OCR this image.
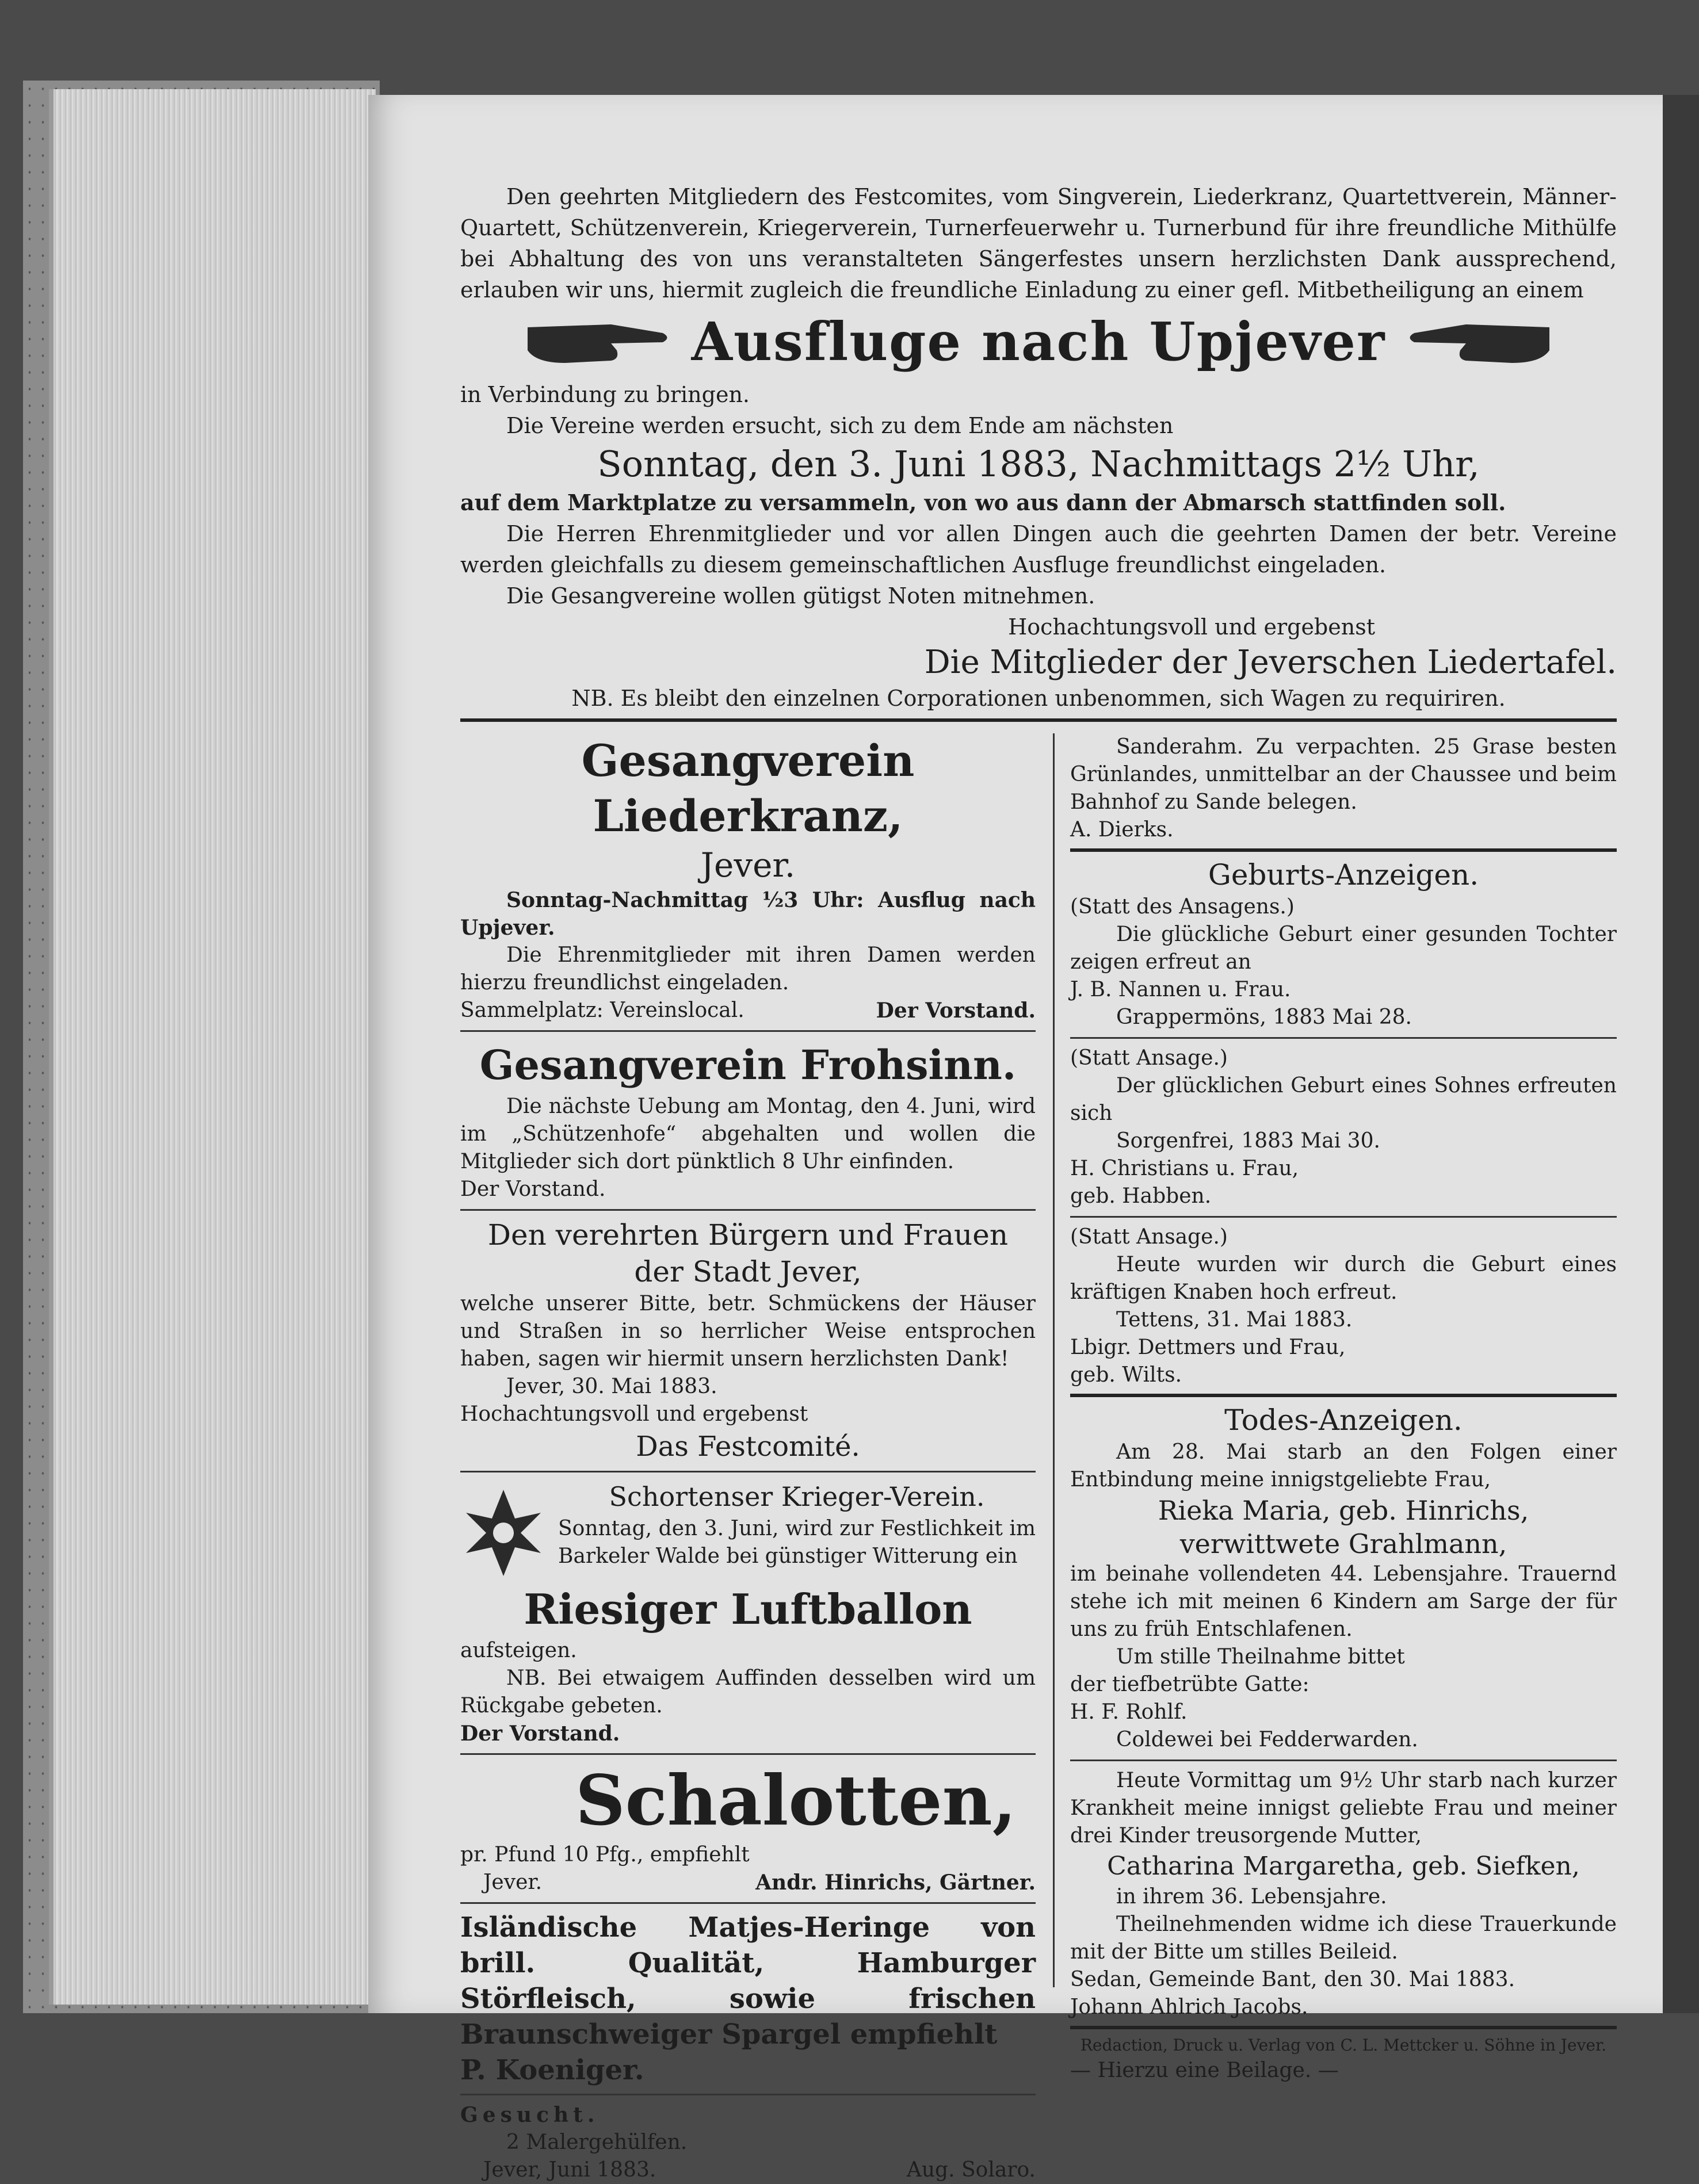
Den geehrten Mitgliedern des Festcomites, vom Singverein, Liederkranz, Quartettverein, Männer-Quartett, Schützenverein, Kriegerverein, Turnerfeuerwehr u. Turnerbund für ihre freundliche Mithülfe bei Abhaltung des von uns veranstalteten Sängerfestes unsern herzlichsten Dank aussprechend, erlauben wir uns, hiermit zugleich die freundliche Einladung zu einer gefl. Mitbetheiligung an einem

Ausfluge nach Upjever

in Verbindung zu bringen.

Die Vereine werden ersucht, sich zu dem Ende am nächsten

Sonntag, den 3. Juni 1883, Nachmittags 2½ Uhr,

auf dem Marktplatze zu versammeln, von wo aus dann der Abmarsch stattfinden soll.

Die Herren Ehrenmitglieder und vor allen Dingen auch die geehrten Damen der betr. Vereine werden gleichfalls zu diesem gemeinschaftlichen Ausfluge freundlichst eingeladen.

Die Gesangvereine wollen gütigst Noten mitnehmen.

Hochachtungsvoll und ergebenst

Die Mitglieder der Jeverschen Liedertafel.

NB. Es bleibt den einzelnen Corporationen unbenommen, sich Wagen zu requiriren.

Gesangverein Liederkranz,

Jever.

Sonntag-Nachmittag ½3 Uhr: Ausflug nach Upjever.

Die Ehrenmitglieder mit ihren Damen werden hierzu freundlichst eingeladen.

Sammelplatz: Vereinslocal.	Der Vorstand.

Gesangverein Frohsinn.

Die nächste Uebung am Montag, den 4. Juni, wird im „Schützenhofe“ abgehalten und wollen die Mitglieder sich dort pünktlich 8 Uhr einfinden.

Der Vorstand.

Den verehrten Bürgern und Frauen

der Stadt Jever,

welche unserer Bitte, betr. Schmückens der Häuser und Straßen in so herrlicher Weise entsprochen haben, sagen wir hiermit unsern herzlichsten Dank!

Jever, 30. Mai 1883.

Hochachtungsvoll und ergebenst

Das Festcomité.

Schortenser Krieger-Verein.

Sonntag, den 3. Juni, wird zur Festlichkeit im Barkeler Walde bei günstiger Witterung ein

Riesiger Luftballon

aufsteigen.

NB. Bei etwaigem Auffinden desselben wird um Rückgabe gebeten.

Der Vorstand.

Schalotten,

pr. Pfund 10 Pfg., empfiehlt

Jever.	Andr. Hinrichs, Gärtner.

Isländische Matjes-Heringe von brill. Qualität, Hamburger Störfleisch, sowie frischen Braunschweiger Spargel empfiehlt

P. Koeniger.

Gesucht.

2 Malergehülfen.

Jever, Juni 1883.	Aug. Solaro.

Sanderahm. Zu verpachten. 25 Grase besten Grünlandes, unmittelbar an der Chaussee und beim Bahnhof zu Sande belegen.

A. Dierks.

Geburts-Anzeigen.

(Statt des Ansagens.)

Die glückliche Geburt einer gesunden Tochter zeigen erfreut an

J. B. Nannen u. Frau.

Grappermöns, 1883 Mai 28.

(Statt Ansage.)

Der glücklichen Geburt eines Sohnes erfreuten sich

Sorgenfrei, 1883 Mai 30.

H. Christians u. Frau,

geb. Habben.

(Statt Ansage.)

Heute wurden wir durch die Geburt eines kräftigen Knaben hoch erfreut.

Tettens, 31. Mai 1883.

Lbigr. Dettmers und Frau,

geb. Wilts.

Todes-Anzeigen.

Am 28. Mai starb an den Folgen einer Entbindung meine innigstgeliebte Frau,

Rieka Maria, geb. Hinrichs,

verwittwete Grahlmann,

im beinahe vollendeten 44. Lebensjahre. Trauernd stehe ich mit meinen 6 Kindern am Sarge der für uns zu früh Entschlafenen.

Um stille Theilnahme bittet

der tiefbetrübte Gatte:

H. F. Rohlf.

Coldewei bei Fedderwarden.

Heute Vormittag um 9½ Uhr starb nach kurzer Krankheit meine innigst geliebte Frau und meiner drei Kinder treusorgende Mutter,

Catharina Margaretha, geb. Siefken,

in ihrem 36. Lebensjahre.

Theilnehmenden widme ich diese Trauerkunde mit der Bitte um stilles Beileid.

Sedan, Gemeinde Bant, den 30. Mai 1883.

Johann Ahlrich Jacobs.

Redaction, Druck u. Verlag von C. L. Mettcker u. Söhne in Jever.

— Hierzu eine Beilage. —
